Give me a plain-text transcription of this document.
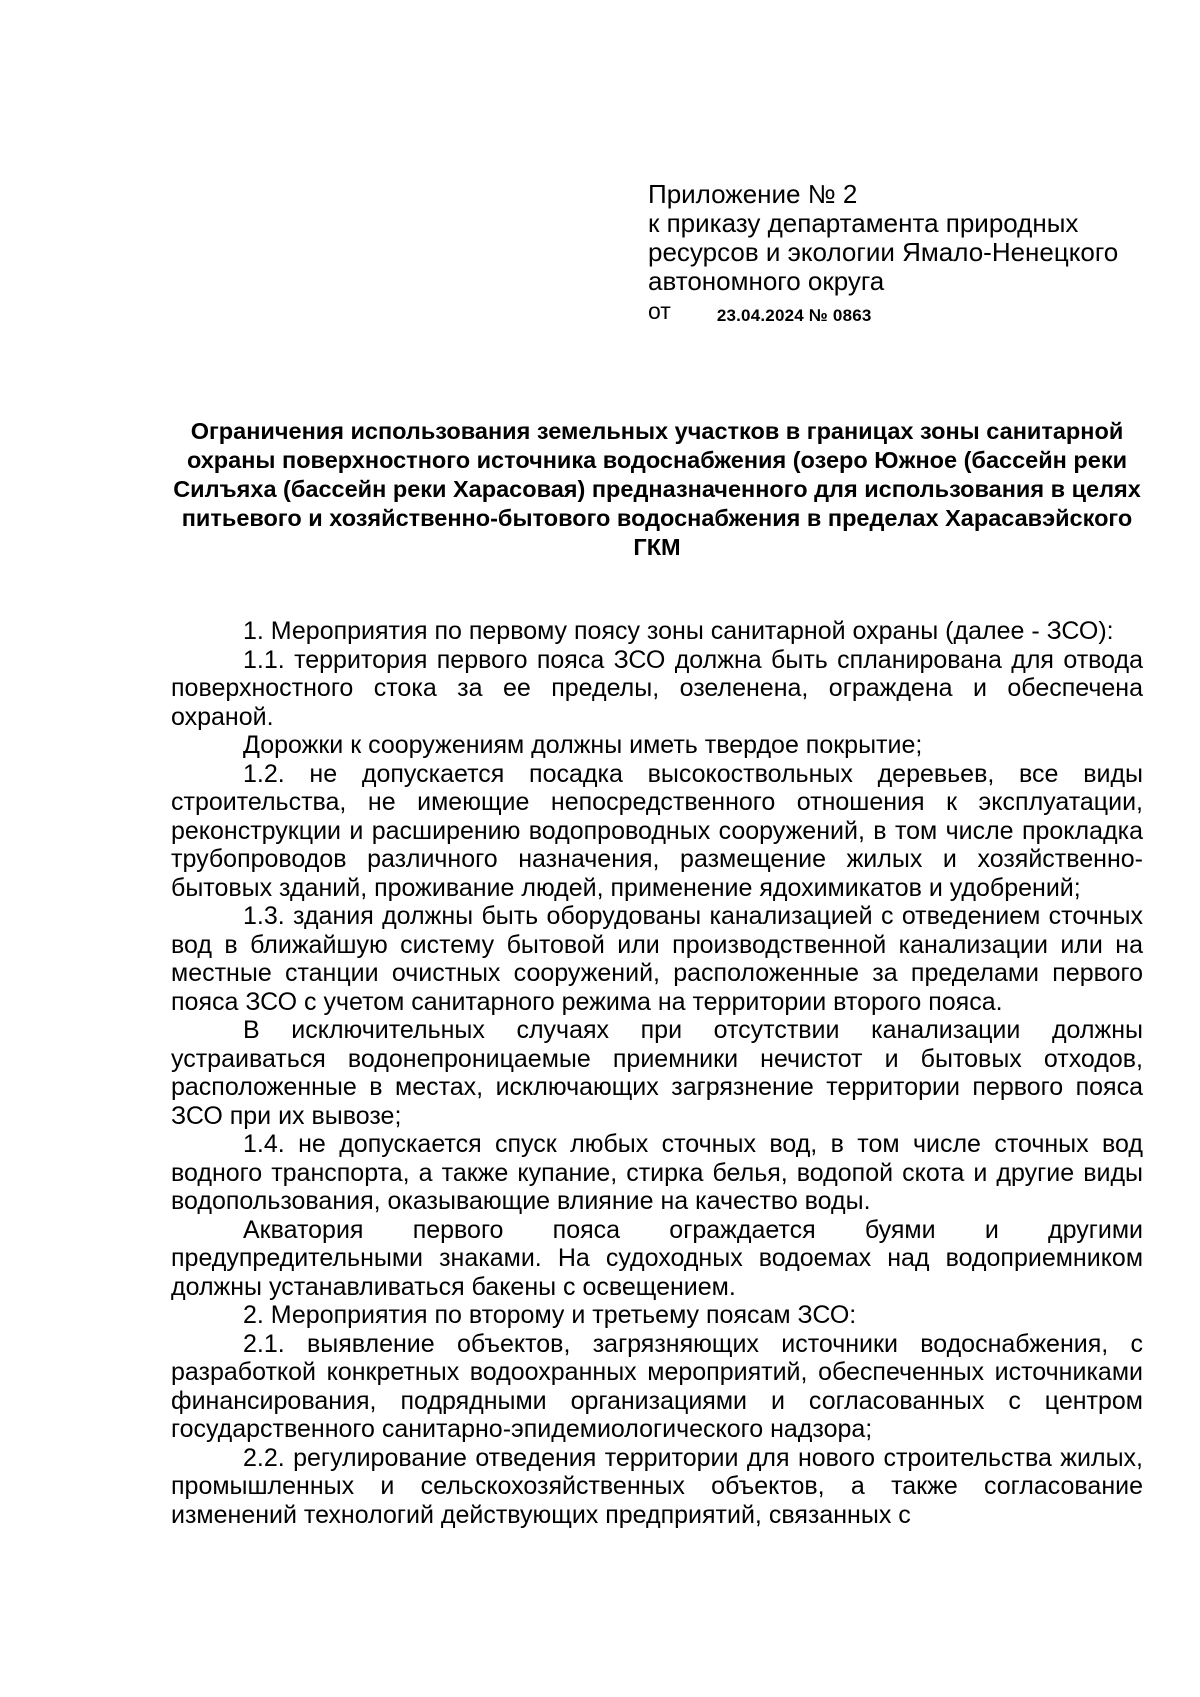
Приложение № 2
к приказу департамента природных
ресурсов и экологии Ямало-Ненецкого
автономного округа
от	23.04.2024 № 0863
Ограничения использования земельных участков в границах зоны санитарной охраны поверхностного источника водоснабжения (озеро Южное (бассейн реки Силъяха (бассейн реки Харасовая) предназначенного для использования в целях питьевого и хозяйственно-бытового водоснабжения в пределах Харасавэйского ГКМ

1. Мероприятия по первому поясу зоны санитарной охраны (далее - ЗСО):

1.1. территория первого пояса ЗСО должна быть спланирована для отвода поверхностного стока за ее пределы, озеленена, ограждена и обеспечена охраной.

Дорожки к сооружениям должны иметь твердое покрытие;

1.2. не допускается посадка высокоствольных деревьев, все виды строительства, не имеющие непосредственного отношения к эксплуатации, реконструкции и расширению водопроводных сооружений, в том числе прокладка трубопроводов различного назначения, размещение жилых и хозяйственно-бытовых зданий, проживание людей, применение ядохимикатов и удобрений;

1.3. здания должны быть оборудованы канализацией с отведением сточных вод в ближайшую систему бытовой или производственной канализации или на местные станции очистных сооружений, расположенные за пределами первого пояса ЗСО с учетом санитарного режима на территории второго пояса.

В исключительных случаях при отсутствии канализации должны устраиваться водонепроницаемые приемники нечистот и бытовых отходов, расположенные в местах, исключающих загрязнение территории первого пояса ЗСО при их вывозе;

1.4. не допускается спуск любых сточных вод, в том числе сточных вод водного транспорта, а также купание, стирка белья, водопой скота и другие виды водопользования, оказывающие влияние на качество воды.

Акватория первого пояса ограждается буями и другими предупредительными знаками. На судоходных водоемах над водоприемником должны устанавливаться бакены с освещением.

2. Мероприятия по второму и третьему поясам ЗСО:

2.1. выявление объектов, загрязняющих источники водоснабжения, с разработкой конкретных водоохранных мероприятий, обеспеченных источниками финансирования, подрядными организациями и согласованных с центром государственного санитарно-эпидемиологического надзора;

2.2. регулирование отведения территории для нового строительства жилых, промышленных и сельскохозяйственных объектов, а также согласование изменений технологий действующих предприятий, связанных с
